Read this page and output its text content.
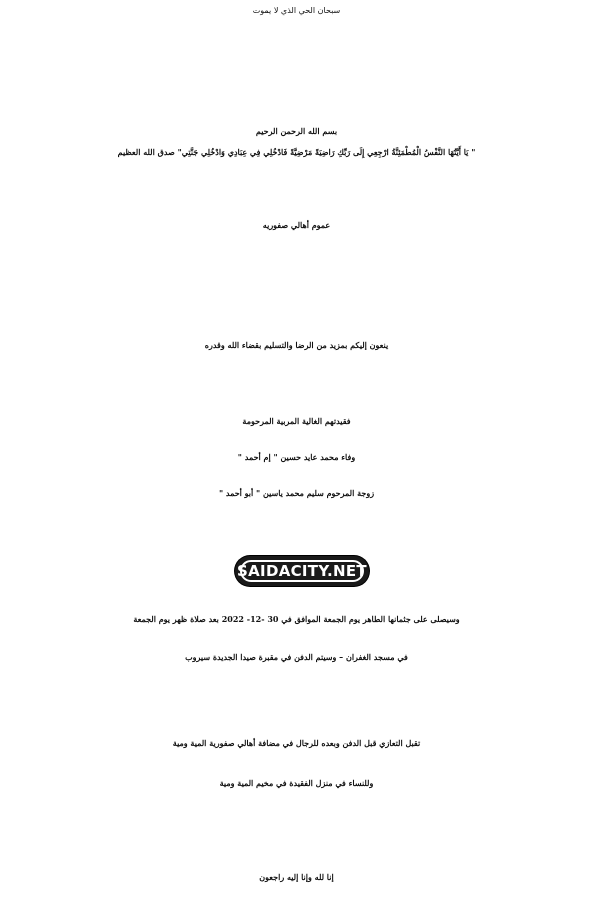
سبحان الحي الذي لا يموت
بسم الله الرحمن الرحيم
" يَا أَيَّتُهَا النَّفْسُ الْمُطْمَئِنَّةُ ارْجِعِي إِلَى رَبِّكِ رَاضِيَةً مَرْضِيَّةً فَادْخُلِي فِي عِبَادِي وَادْخُلِي جَنَّتِي" صدق الله العظيم
عموم أهالي صفوريه
ينعون إليكم بمزيد من الرضا والتسليم بقضاء الله وقدره
فقيدتهم الغالية المربية المرحومة
وفاء محمد عايد حسين " إم أحمد "
زوجة المرحوم سليم محمد ياسين " أبو أحمد "
SAIDACITY.NET
وسيصلى على جثمانها الطاهر يوم الجمعة الموافق في 30 -12- 2022 بعد صلاة ظهر يوم الجمعة
في مسجد الغفران – وسيتم الدفن في مقبرة صيدا الجديدة سيروب
تقبل التعازي قبل الدفن وبعده للرجال في مضافة أهالي صفورية المية ومية
وللنساء في منزل الفقيدة في مخيم المية ومية
إنا لله وإنا إليه راجعون
